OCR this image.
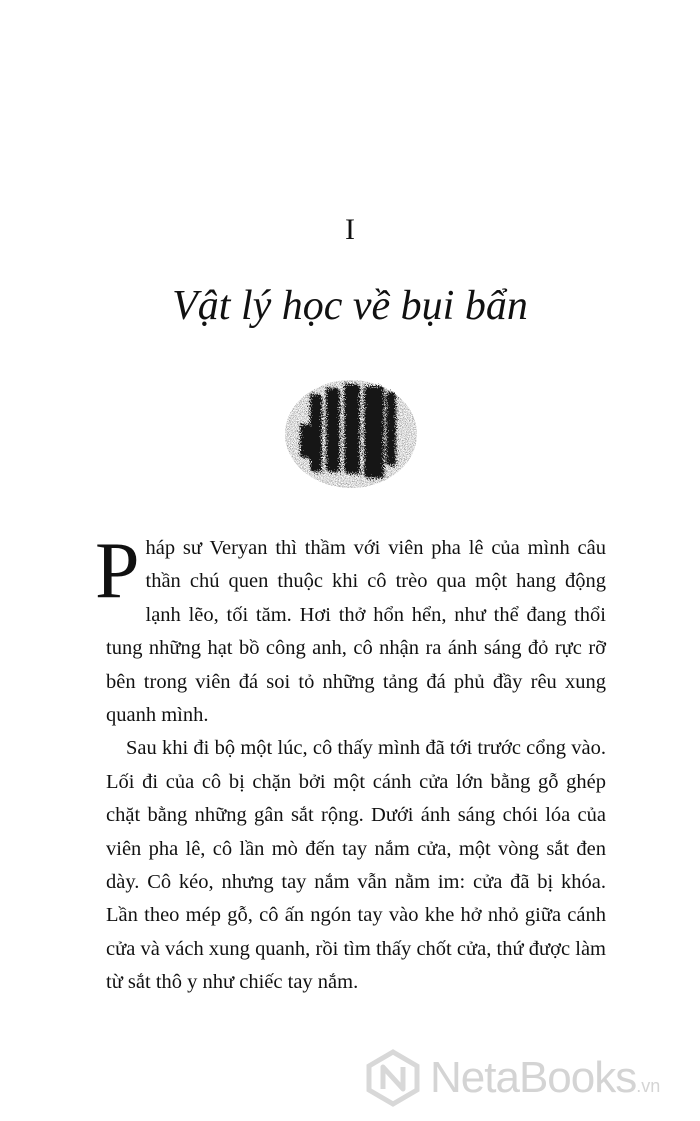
I
Vật lý học về bụi bẩn

Pháp sư Veryan thì thầm với viên pha lê của mình câu thần chú quen thuộc khi cô trèo qua một hang động lạnh lẽo, tối tăm. Hơi thở hổn hển, như thể đang thổi tung những hạt bồ công anh, cô nhận ra ánh sáng đỏ rực rỡ bên trong viên đá soi tỏ những tảng đá phủ đầy rêu xung quanh mình.

Sau khi đi bộ một lúc, cô thấy mình đã tới trước cổng vào. Lối đi của cô bị chặn bởi một cánh cửa lớn bằng gỗ ghép chặt bằng những gân sắt rộng. Dưới ánh sáng chói lóa của viên pha lê, cô lần mò đến tay nắm cửa, một vòng sắt đen dày. Cô kéo, nhưng tay nắm vẫn nằm im: cửa đã bị khóa. Lần theo mép gỗ, cô ấn ngón tay vào khe hở nhỏ giữa cánh cửa và vách xung quanh, rồi tìm thấy chốt cửa, thứ được làm từ sắt thô y như chiếc tay nắm.

NetaBooks.vn
